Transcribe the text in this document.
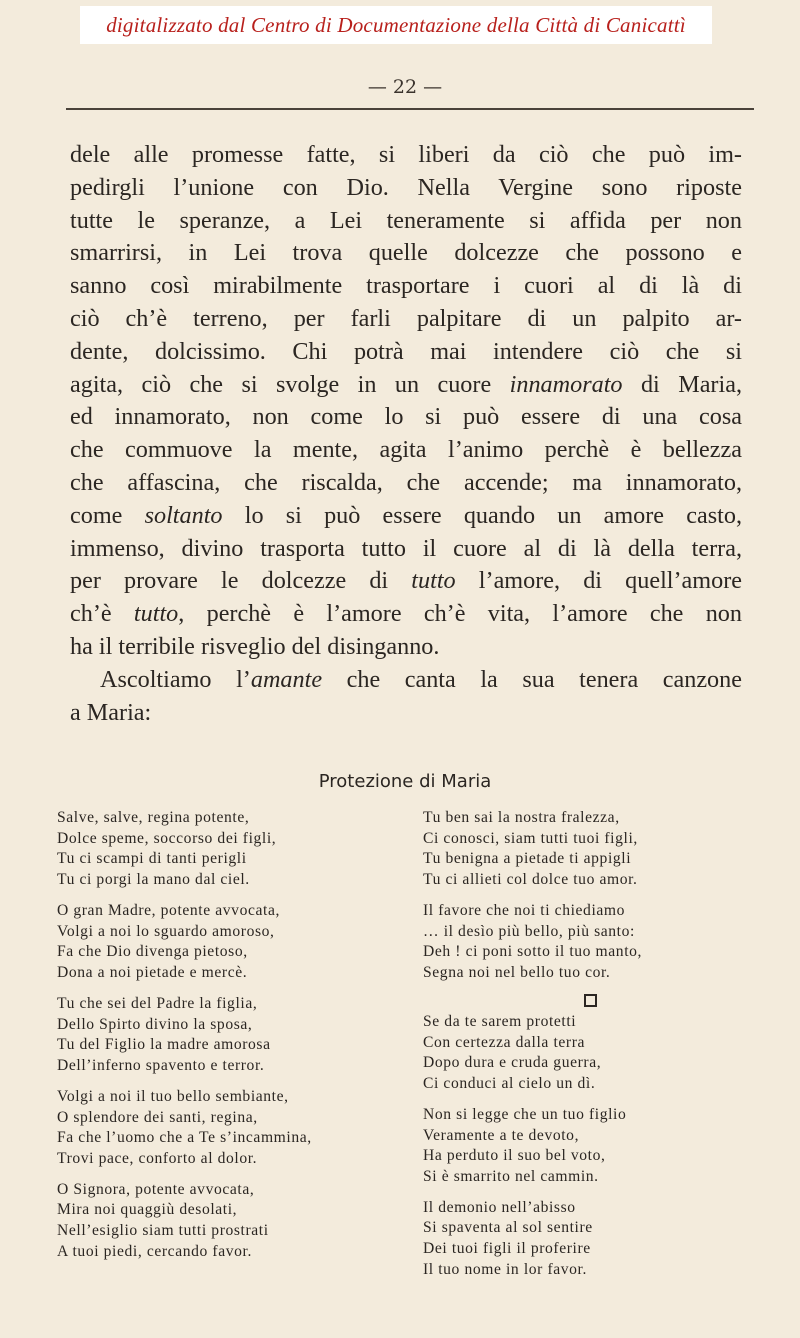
digitalizzato dal Centro di Documentazione della Città di Canicattì
— 22 —
dele alle promesse fatte, si liberi da ciò che può im-
pedirgli l’unione con Dio. Nella Vergine sono riposte
tutte le speranze, a Lei teneramente si affida per non
smarrirsi, in Lei trova quelle dolcezze che possono e
sanno così mirabilmente trasportare i cuori al di là di
ciò ch’è terreno, per farli palpitare di un palpito ar-
dente, dolcissimo. Chi potrà mai intendere ciò che si
agita, ciò che si svolge in un cuore innamorato di Maria,
ed innamorato, non come lo si può essere di una cosa
che commuove la mente, agita l’animo perchè è bellezza
che affascina, che riscalda, che accende; ma innamorato,
come soltanto lo si può essere quando un amore casto,
immenso, divino trasporta tutto il cuore al di là della terra,
per provare le dolcezze di tutto l’amore, di quell’amore
ch’è tutto, perchè è l’amore ch’è vita, l’amore che non
ha il terribile risveglio del disinganno.
Ascoltiamo l’amante che canta la sua tenera canzone
a Maria:
Protezione di Maria
Salve, salve, regina potente,
Dolce speme, soccorso dei figli,
Tu ci scampi di tanti perigli
Tu ci porgi la mano dal ciel.
O gran Madre, potente avvocata,
Volgi a noi lo sguardo amoroso,
Fa che Dio divenga pietoso,
Dona a noi pietade e mercè.
Tu che sei del Padre la figlia,
Dello Spirto divino la sposa,
Tu del Figlio la madre amorosa
Dell’inferno spavento e terror.
Volgi a noi il tuo bello sembiante,
O splendore dei santi, regina,
Fa che l’uomo che a Te s’incammina,
Trovi pace, conforto al dolor.
O Signora, potente avvocata,
Mira noi quaggiù desolati,
Nell’esiglio siam tutti prostrati
A tuoi piedi, cercando favor.
Tu ben sai la nostra fralezza,
Ci conosci, siam tutti tuoi figli,
Tu benigna a pietade ti appigli
Tu ci allieti col dolce tuo amor.
Il favore che noi ti chiediamo
… il desìo più bello, più santo:
Deh ! ci poni sotto il tuo manto,
Segna noi nel bello tuo cor.
Se da te sarem protetti
Con certezza dalla terra
Dopo dura e cruda guerra,
Ci conduci al cielo un dì.
Non si legge che un tuo figlio
Veramente a te devoto,
Ha perduto il suo bel voto,
Si è smarrito nel cammin.
Il demonio nell’abisso
Si spaventa al sol sentire
Dei tuoi figli il proferire
Il tuo nome in lor favor.
